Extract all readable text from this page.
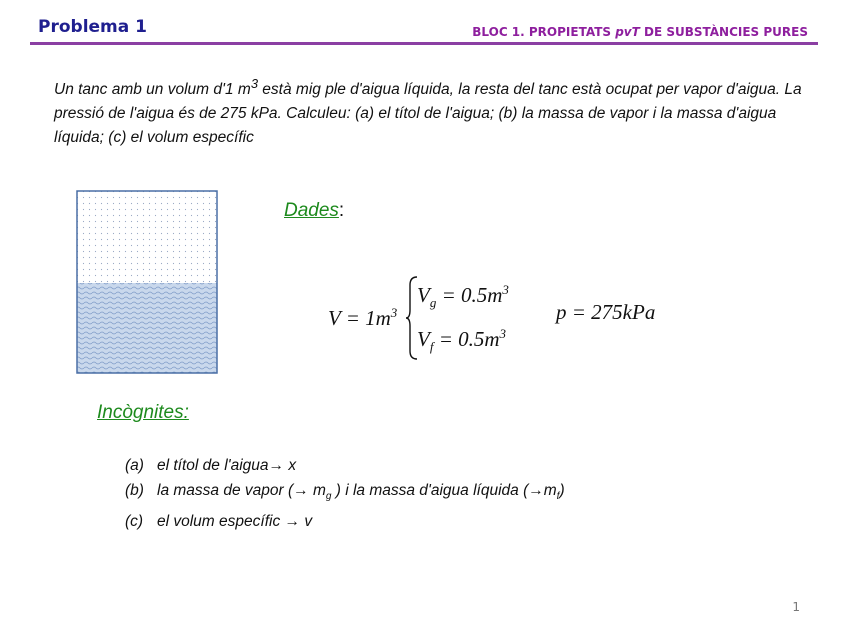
Problema 1	BLOC 1. PROPIETATS pvT DE SUBSTÀNCIES PURES
Un tanc amb un volum d'1 $m^3$ està mig ple d'aigua líquida, la resta del tanc està ocupat per vapor d'aigua. La pressió de l'aigua és de 275 kPa. Calculeu: (a) el títol de l'aigua; (b) la massa de vapor i la massa d'aigua líquida; (c) el volum específic
Dades:
$V = 1m^3$
$V_g = 0.5m^3$
$V_f = 0.5m^3$
p = 275kPa
Incògnites:
(a) el títol de l'aigua→ x
(b) la massa de vapor (→ $m_g$ ) i la massa d'aigua líquida $(\to m_f)$
(c) el volum específic → v
1
